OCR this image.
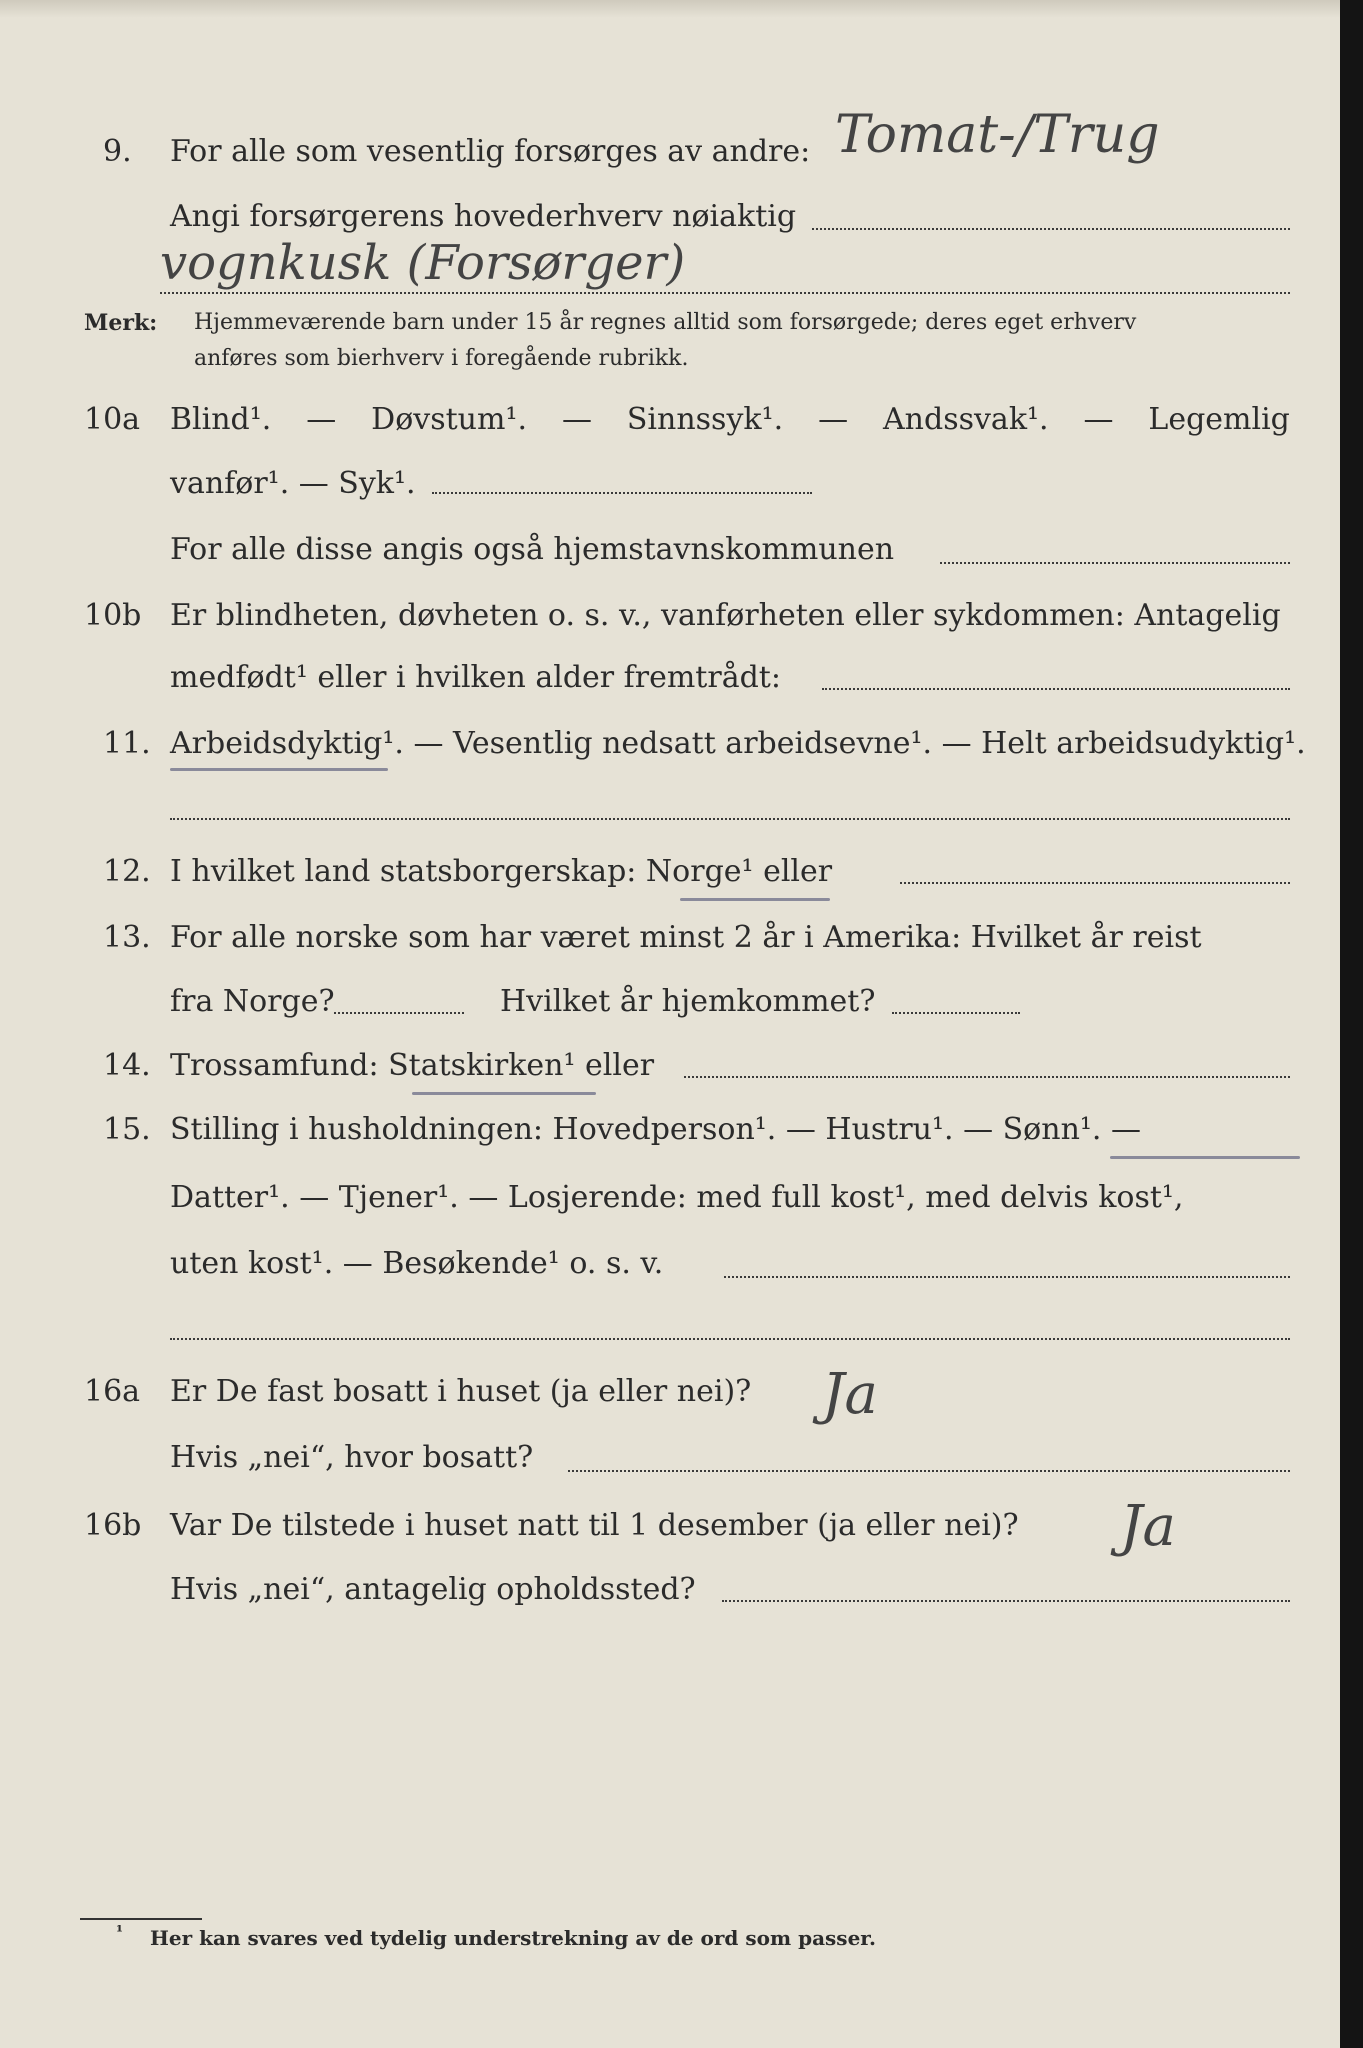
9. For alle som vesentlig forsørges av andre: Tomat-/Trug
Angi forsørgerens hovederhverv nøiaktig
vognkusk (Forsørger)
Merk: Hjemmeværende barn under 15 år regnes alltid som forsørgede; deres eget erhverv
anføres som bierhverv i foregående rubrikk.
10a Blind¹. — Døvstum¹. — Sinnssyk¹. — Andssvak¹. — Legemlig
vanfør¹. — Syk¹.
For alle disse angis også hjemstavnskommunen
10b Er blindheten, døvheten o. s. v., vanførheten eller sykdommen: Antagelig
medfødt¹ eller i hvilken alder fremtrådt:
11. Arbeidsdyktig¹. — Vesentlig nedsatt arbeidsevne¹. — Helt arbeidsudyktig¹.
12. I hvilket land statsborgerskap: Norge¹ eller
13. For alle norske som har været minst 2 år i Amerika: Hvilket år reist
fra Norge?	Hvilket år hjemkommet?
14. Trossamfund: Statskirken¹ eller
15. Stilling i husholdningen: Hovedperson¹. — Hustru¹. — Sønn¹. —
Datter¹. — Tjener¹. — Losjerende: med full kost¹, med delvis kost¹,
uten kost¹. — Besøkende¹ o. s. v.
16a Er De fast bosatt i huset (ja eller nei)? Ja
Hvis „nei“, hvor bosatt?
16b Var De tilstede i huset natt til 1 desember (ja eller nei)? Ja
Hvis „nei“, antagelig opholdssted?
¹ Her kan svares ved tydelig understrekning av de ord som passer.
